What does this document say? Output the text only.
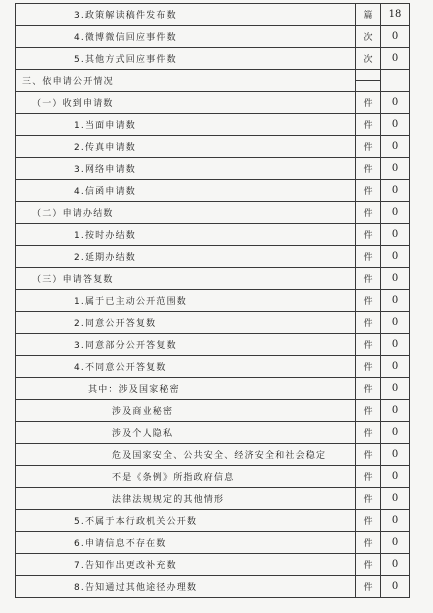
3.政策解读稿件发布数	篇	18
4.微博微信回应事件数	次	0
5.其他方式回应事件数	次	0
三、依申请公开情况	

（一）收到申请数	件	0
1.当面申请数	件	0
2.传真申请数	件	0
3.网络申请数	件	0
4.信函申请数	件	0
（二）申请办结数	件	0
1.按时办结数	件	0
2.延期办结数	件	0
（三）申请答复数	件	0
1.属于已主动公开范围数	件	0
2.同意公开答复数	件	0
3.同意部分公开答复数	件	0
4.不同意公开答复数	件	0
其中：涉及国家秘密	件	0
涉及商业秘密	件	0
涉及个人隐私	件	0
危及国家安全、公共安全、经济安全和社会稳定	件	0
不是《条例》所指政府信息	件	0
法律法规规定的其他情形	件	0
5.不属于本行政机关公开数	件	0
6.申请信息不存在数	件	0
7.告知作出更改补充数	件	0
8.告知通过其他途径办理数	件	0
